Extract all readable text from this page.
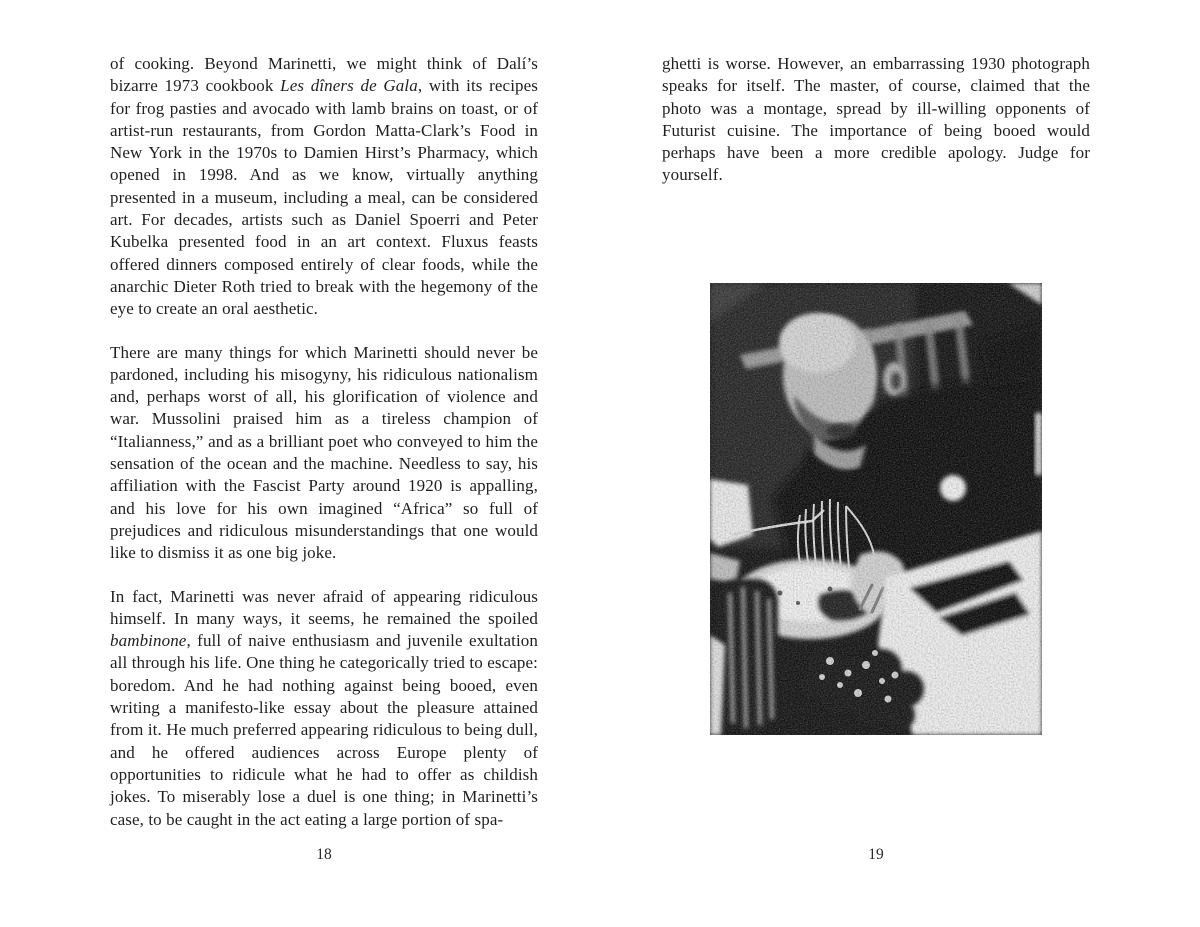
of cooking. Beyond Marinetti, we might think of Dalí’s bizarre 1973 cookbook Les dîners de Gala, with its recipes for frog pasties and avocado with lamb brains on toast, or of artist-run restaurants, from Gordon Matta-Clark’s Food in New York in the 1970s to Damien Hirst’s Pharmacy, which opened in 1998. And as we know, virtually anything presented in a museum, including a meal, can be considered art. For decades, artists such as Daniel Spoerri and Peter Kubelka presented food in an art context. Fluxus feasts offered dinners composed entirely of clear foods, while the anarchic Dieter Roth tried to break with the hegemony of the eye to create an oral aesthetic.

There are many things for which Marinetti should never be pardoned, including his misogyny, his ridiculous nationalism and, perhaps worst of all, his glorification of violence and war. Mussolini praised him as a tireless champion of “Italianness,” and as a brilliant poet who conveyed to him the sensation of the ocean and the machine. Needless to say, his affiliation with the Fascist Party around 1920 is appalling, and his love for his own imagined “Africa” so full of prejudices and ridiculous misunderstandings that one would like to dismiss it as one big joke.

In fact, Marinetti was never afraid of appearing ridiculous himself. In many ways, it seems, he remained the spoiled bambinone, full of naive enthusiasm and juvenile exultation all through his life. One thing he categorically tried to escape: boredom. And he had nothing against being booed, even writing a manifesto-like essay about the pleasure attained from it. He much preferred appearing ridiculous to being dull, and he offered audiences across Europe plenty of opportunities to ridicule what he had to offer as childish jokes. To miserably lose a duel is one thing; in Marinetti’s case, to be caught in the act eating a large portion of spa-

18

ghetti is worse. However, an embarrassing 1930 photograph speaks for itself. The master, of course, claimed that the photo was a montage, spread by ill-willing opponents of Futurist cuisine. The importance of being booed would perhaps have been a more credible apology. Judge for yourself.

19
